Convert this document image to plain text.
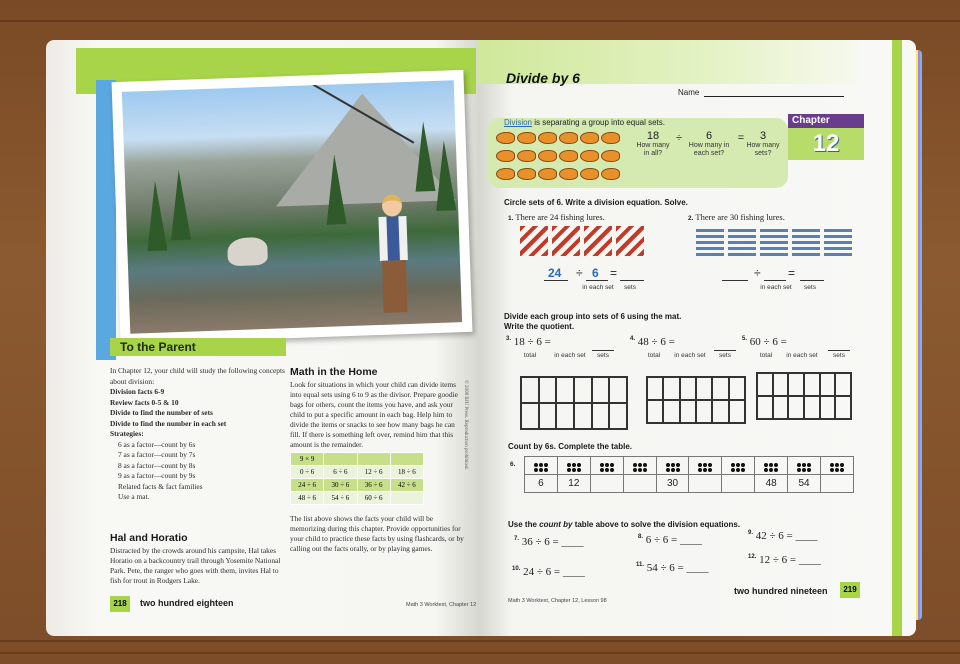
To the Parent
In Chapter 12, your child will study the following concepts about division:
Division facts 6-9
Review facts 0-5 & 10
Divide to find the number of sets
Divide to find the number in each set
Strategies:
6 as a factor—count by 6s
7 as a factor—count by 7s
8 as a factor—count by 8s
9 as a factor—count by 9s
Related facts & fact families
Use a mat.
Hal and Horatio
Distracted by the crowds around his campsite, Hal takes Horatio on a backcountry trail through Yosemite National Park. Pete, the ranger who goes with them, invites Hal to fish for trout in Rodgers Lake.
Math in the Home
Look for situations in which your child can divide items into equal sets using 6 to 9 as the divisor. Prepare goodie bags for others, count the items you have, and ask your child to put a specific amount in each bag. Help him to divide the items or snacks to see how many bags he can fill. If there is something left over, remind him that this amount is the remainder.
9 × 9			
0 ÷ 6	6 ÷ 6	12 ÷ 6	18 ÷ 6
24 ÷ 6	30 ÷ 6	36 ÷ 6	42 ÷ 6
48 ÷ 6	54 ÷ 6	60 ÷ 6	
The list above shows the facts your child will be memorizing during this chapter. Provide opportunities for your child to practice these facts by using flashcards, or by calling out the facts orally, or by playing games.
© 2008 BJU Press. Reproduction prohibited.
218	two hundred eighteen	Math 3 Worktext, Chapter 12
Divide by 6
Name
Chapter
12
Division is separating a group into equal sets.
18
How many in all?
÷	6
How many in each set?
=	3
How many sets?
Circle sets of 6. Write a division equation. Solve.
1. There are 24 fishing lures.	2. There are 30 fishing lures.
24 ÷ 6 =
in each set	sets
÷ =
in each set	sets
Divide each group into sets of 6 using the mat.
Write the quotient.
$^{3.}$ 18 ÷ 6 =
total	in each set	sets
$^{4.}$ 48 ÷ 6 =
total	in each set	sets
$^{5.}$ 60 ÷ 6 =
total	in each set	sets
Count by 6s. Complete the table.
6.

6	12			30			48	54	
Use the count by table above to solve the division equations.
$^{7.}$ 36 ÷ 6 = ____	$^{8.}$ 6 ÷ 6 = ____
$^{9.}$ 42 ÷ 6 = ____
$^{10.}$ 24 ÷ 6 = ____
$^{11.}$ 54 ÷ 6 = ____
$^{12.}$ 12 ÷ 6 = ____
Math 3 Worktext, Chapter 12, Lesson 98
two hundred nineteen	219
